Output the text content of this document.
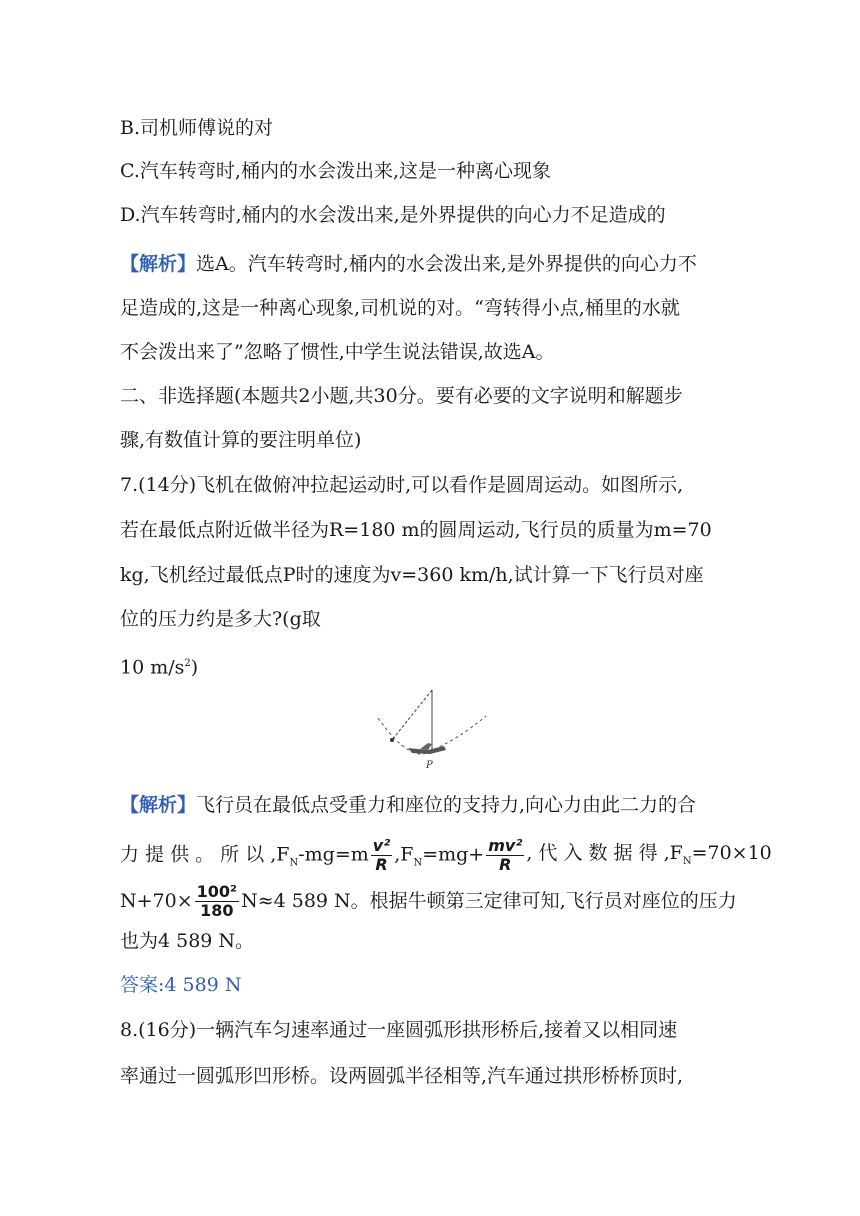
B.司机师傅说的对
C.汽车转弯时,桶内的水会泼出来,这是一种离心现象
D.汽车转弯时,桶内的水会泼出来,是外界提供的向心力不足造成的
【解析】选A。汽车转弯时,桶内的水会泼出来,是外界提供的向心力不
足造成的,这是一种离心现象,司机说的对。“弯转得小点,桶里的水就
不会泼出来了”忽略了惯性,中学生说法错误,故选A。
二、非选择题(本题共2小题,共30分。要有必要的文字说明和解题步
骤,有数值计算的要注明单位)
7.(14分)飞机在做俯冲拉起运动时,可以看作是圆周运动。如图所示,
若在最低点附近做半径为R=180 m的圆周运动,飞行员的质量为m=70
kg,飞机经过最低点P时的速度为v=360 km/h,试计算一下飞行员对座
位的压力约是多大?(g取
10 $m/s^2$)
P
【解析】飞行员在最低点受重力和座位的支持力,向心力由此二力的合
力 提 供 。 所 以 $,F_N-mg=m \frac{\text{v²}}{R} ,F_N=mg+ \frac{\text{mv²}}{R}$ , 代 入 数 据 得 $,F_N=70\times 10$
$N+70\times \frac{\text{100²}}{180} N\approx 4$ 589 N。根据牛顿第三定律可知,飞行员对座位的压力
也为4 589 N。
答案:4 589 N
8.(16分)一辆汽车匀速率通过一座圆弧形拱形桥后,接着又以相同速
率通过一圆弧形凹形桥。设两圆弧半径相等,汽车通过拱形桥桥顶时,
